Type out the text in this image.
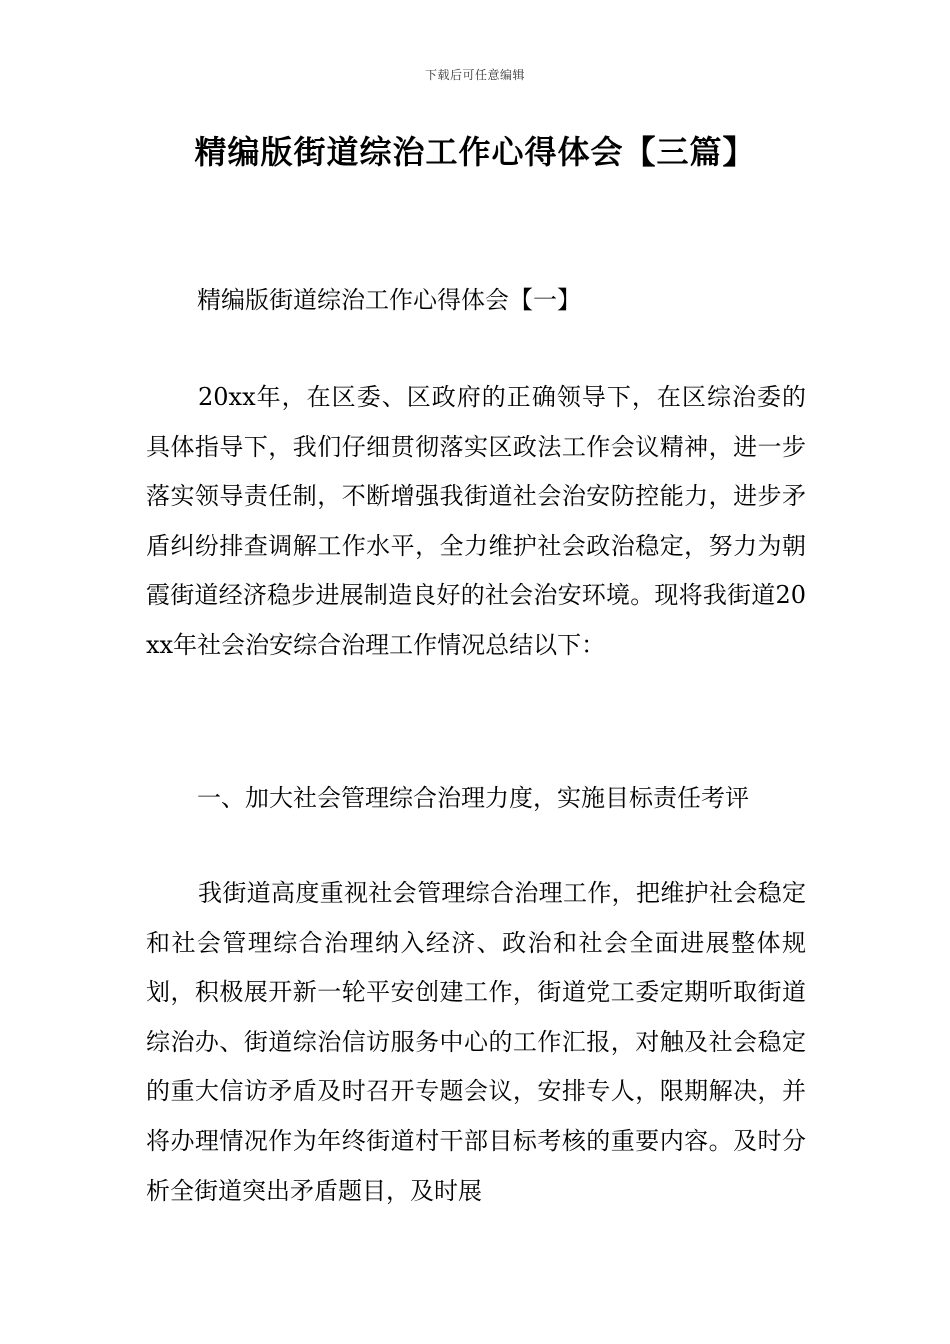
下载后可任意编辑
精编版街道综治工作心得体会【三篇】
精编版街道综治工作心得体会【一】

20xx年，在区委、区政府的正确领导下，在区综治委的具体指导下，我们仔细贯彻落实区政法工作会议精神，进一步落实领导责任制，不断增强我街道社会治安防控能力，进步矛盾纠纷排查调解工作水平，全力维护社会政治稳定，努力为朝霞街道经济稳步进展制造良好的社会治安环境。现将我街道20xx年社会治安综合治理工作情况总结以下：

一、加大社会管理综合治理力度，实施目标责任考评

我街道高度重视社会管理综合治理工作，把维护社会稳定和社会管理综合治理纳入经济、政治和社会全面进展整体规划，积极展开新一轮平安创建工作，街道党工委定期听取街道综治办、街道综治信访服务中心的工作汇报，对触及社会稳定的重大信访矛盾及时召开专题会议，安排专人，限期解决，并将办理情况作为年终街道村干部目标考核的重要内容。及时分析全街道突出矛盾题目，及时展
